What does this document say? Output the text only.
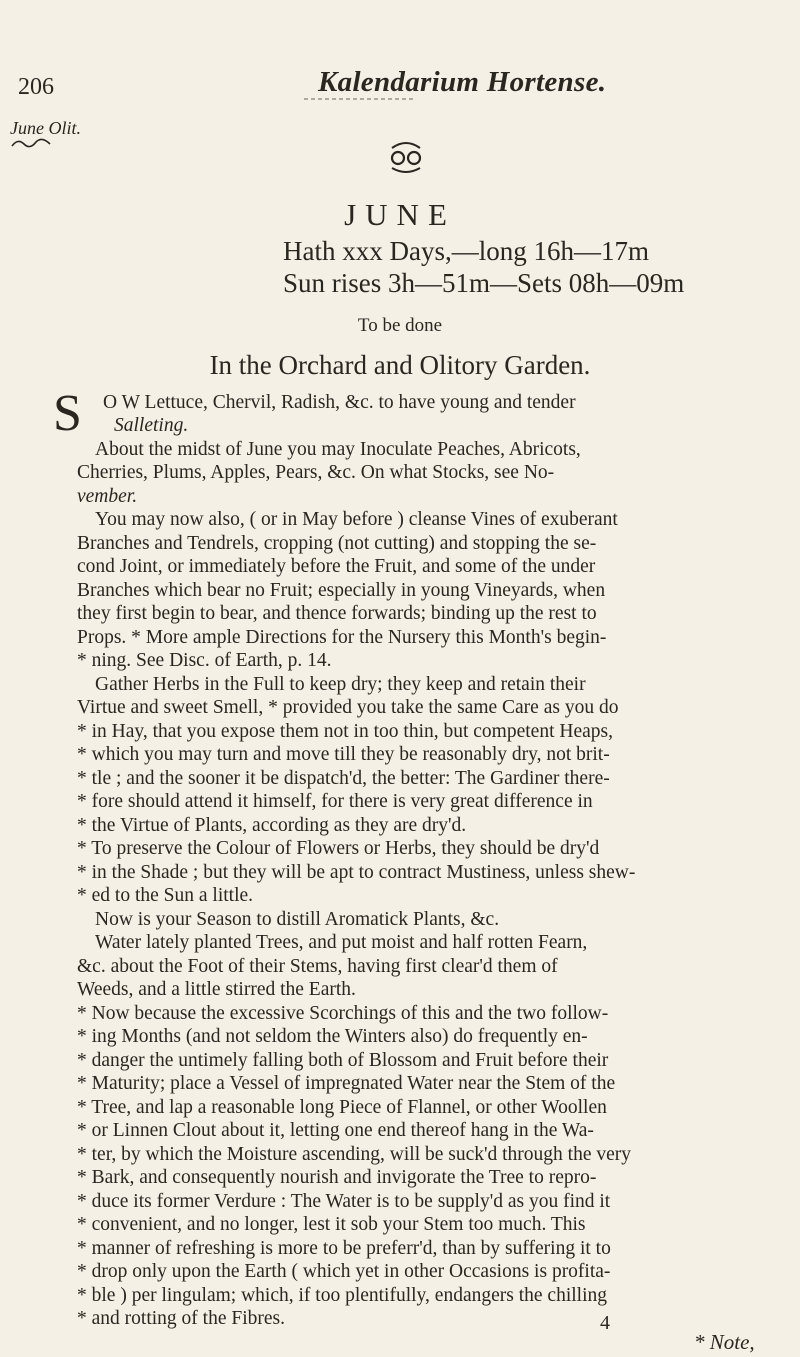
206	Kalendarium Hortense.
June Olit.
JUNE
Hath xxx Days,—long 16h—17m
Sun rises 3h—51m—Sets 08h—09m
To be done
In the Orchard and Olitory Garden.
S O W Lettuce, Chervil, Radish, &c. to have young and tender
Salleting.
About the midst of June you may Inoculate Peaches, Abricots,
Cherries, Plums, Apples, Pears, &c. On what Stocks, see No-
vember.
You may now also, ( or in May before ) cleanse Vines of exuberant
Branches and Tendrels, cropping (not cutting) and stopping the se-
cond Joint, or immediately before the Fruit, and some of the under
Branches which bear no Fruit; especially in young Vineyards, when
they first begin to bear, and thence forwards; binding up the rest to
Props. * More ample Directions for the Nursery this Month's begin-
* ning. See Disc. of Earth, p. 14.
Gather Herbs in the Full to keep dry; they keep and retain their
Virtue and sweet Smell, * provided you take the same Care as you do
* in Hay, that you expose them not in too thin, but competent Heaps,
* which you may turn and move till they be reasonably dry, not brit-
* tle ; and the sooner it be dispatch'd, the better: The Gardiner there-
* fore should attend it himself, for there is very great difference in
* the Virtue of Plants, according as they are dry'd.
* To preserve the Colour of Flowers or Herbs, they should be dry'd
* in the Shade ; but they will be apt to contract Mustiness, unless shew-
* ed to the Sun a little.
Now is your Season to distill Aromatick Plants, &c.
Water lately planted Trees, and put moist and half rotten Fearn,
&c. about the Foot of their Stems, having first clear'd them of
Weeds, and a little stirred the Earth.
* Now because the excessive Scorchings of this and the two follow-
* ing Months (and not seldom the Winters also) do frequently en-
* danger the untimely falling both of Blossom and Fruit before their
* Maturity; place a Vessel of impregnated Water near the Stem of the
* Tree, and lap a reasonable long Piece of Flannel, or other Woollen
* or Linnen Clout about it, letting one end thereof hang in the Wa-
* ter, by which the Moisture ascending, will be suck'd through the very
* Bark, and consequently nourish and invigorate the Tree to repro-
* duce its former Verdure : The Water is to be supply'd as you find it
* convenient, and no longer, lest it sob your Stem too much. This
* manner of refreshing is more to be preferr'd, than by suffering it to
* drop only upon the Earth ( which yet in other Occasions is profita-
* ble ) per lingulam; which, if too plentifully, endangers the chilling
* and rotting of the Fibres.	4
* Note,
